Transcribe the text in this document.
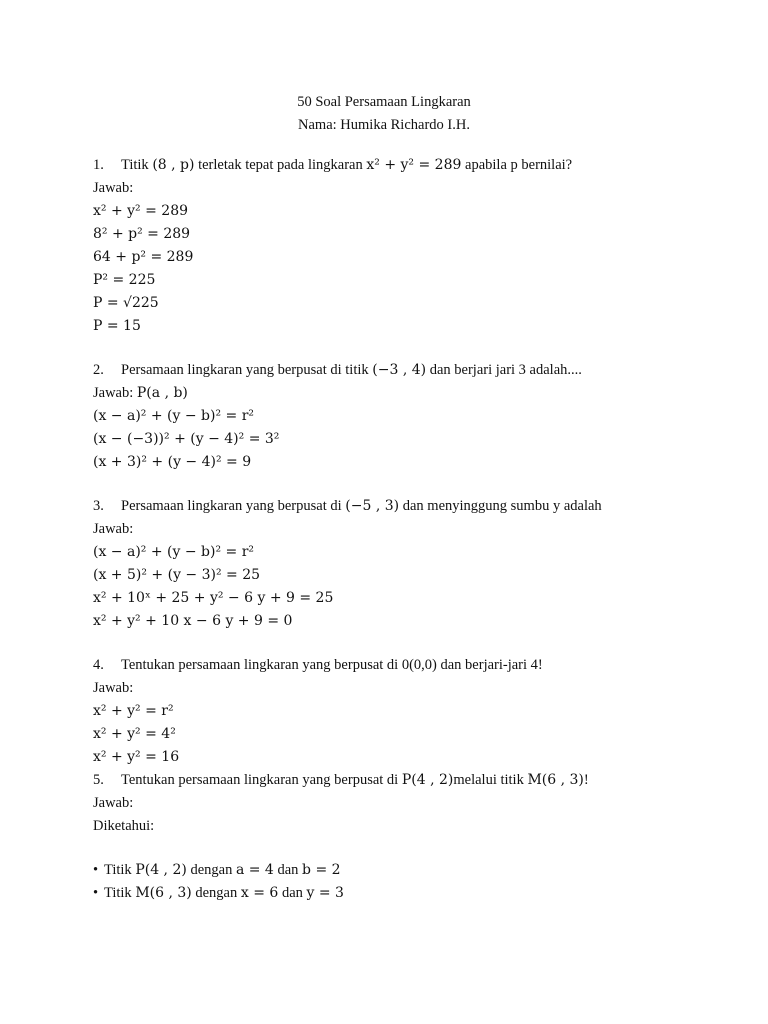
50 Soal Persamaan Lingkaran
Nama: Humika Richardo I.H.
1. Titik (8 , p) terletak tepat pada lingkaran x² + y² = 289 apabila p bernilai?
Jawab:
x² + y² = 289
8² + p² = 289
64 + p² = 289
P² = 225
P = √225
P = 15
2. Persamaan lingkaran yang berpusat di titik (−3 , 4) dan berjari jari 3 adalah....
Jawab: P(a , b)
(x − a)² + (y − b)² = r²
(x − (−3))² + (y − 4)² = 3²
(x + 3)² + (y − 4)² = 9
3. Persamaan lingkaran yang berpusat di (−5 , 3) dan menyinggung sumbu y adalah
Jawab:
(x − a)² + (y − b)² = r²
(x + 5)² + (y − 3)² = 25
x² + 10ˣ + 25 + y² − 6 y + 9 = 25
x² + y² + 10 x − 6 y + 9 = 0
4. Tentukan persamaan lingkaran yang berpusat di 0(0,0) dan berjari-jari 4!
Jawab:
x² + y² = r²
x² + y² = 4²
x² + y² = 16
5. Tentukan persamaan lingkaran yang berpusat di P(4 , 2)melalui titik M(6 , 3)!
Jawab:
Diketahui:
• Titik P(4 , 2) dengan a = 4 dan b = 2
• Titik M(6 , 3) dengan x = 6 dan y = 3
